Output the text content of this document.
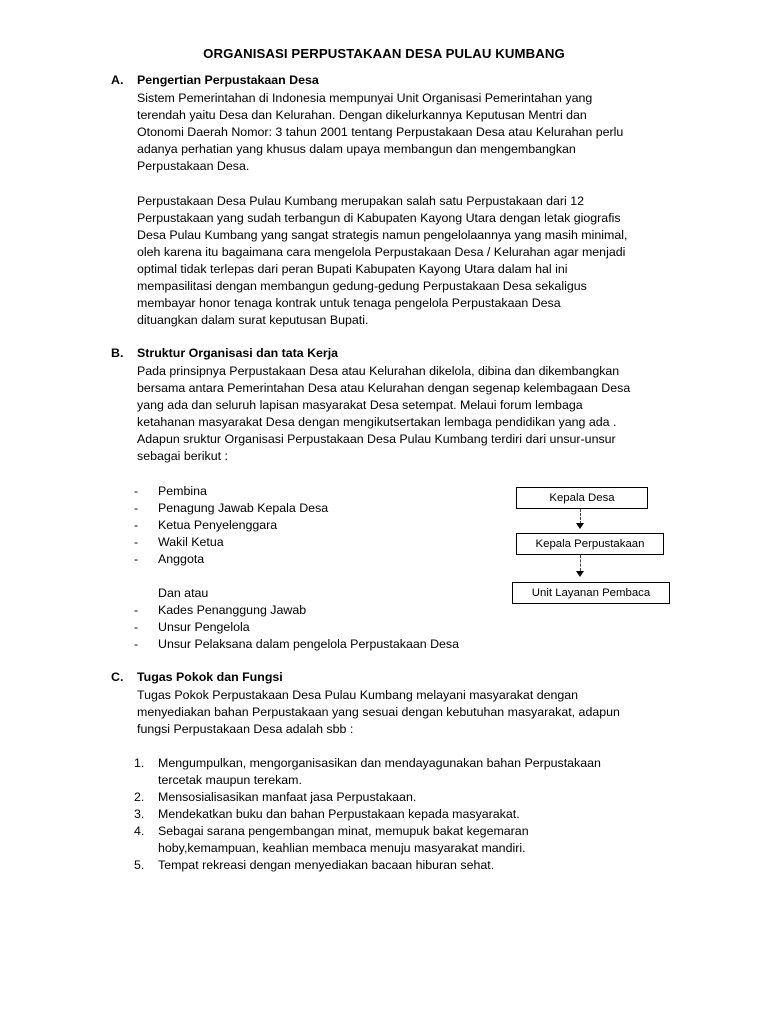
ORGANISASI PERPUSTAKAAN DESA PULAU KUMBANG
A. Pengertian Perpustakaan Desa
Sistem Pemerintahan di Indonesia mempunyai Unit Organisasi Pemerintahan yang
terendah yaitu Desa dan Kelurahan. Dengan dikelurkannya Keputusan Mentri dan
Otonomi Daerah Nomor: 3 tahun 2001 tentang Perpustakaan Desa atau Kelurahan perlu
adanya perhatian yang khusus dalam upaya membangun dan mengembangkan
Perpustakaan Desa.
Perpustakaan Desa Pulau Kumbang merupakan salah satu Perpustakaan dari 12
Perpustakaan yang sudah terbangun di Kabupaten Kayong Utara dengan letak giografis
Desa Pulau Kumbang yang sangat strategis namun pengelolaannya yang masih minimal,
oleh karena itu bagaimana cara mengelola Perpustakaan Desa / Kelurahan agar menjadi
optimal tidak terlepas dari peran Bupati Kabupaten Kayong Utara dalam hal ini
mempasilitasi dengan membangun gedung-gedung Perpustakaan Desa sekaligus
membayar honor tenaga kontrak untuk tenaga pengelola Perpustakaan Desa
dituangkan dalam surat keputusan Bupati.
B. Struktur Organisasi dan tata Kerja
Pada prinsipnya Perpustakaan Desa atau Kelurahan dikelola, dibina dan dikembangkan
bersama antara Pemerintahan Desa atau Kelurahan dengan segenap kelembagaan Desa
yang ada dan seluruh lapisan masyarakat Desa setempat. Melaui forum lembaga
ketahanan masyarakat Desa dengan mengikutsertakan lembaga pendidikan yang ada .
Adapun sruktur Organisasi Perpustakaan Desa Pulau Kumbang terdiri dari unsur-unsur
sebagai berikut :
- Pembina
- Penagung Jawab Kepala Desa
- Ketua Penyelenggara
- Wakil Ketua
- Anggota
Dan atau
- Kades Penanggung Jawab
- Unsur Pengelola
- Unsur Pelaksana dalam pengelola Perpustakaan Desa
Kepala Desa
Kepala Perpustakaan
Unit Layanan Pembaca
C. Tugas Pokok dan Fungsi
Tugas Pokok Perpustakaan Desa Pulau Kumbang melayani masyarakat dengan
menyediakan bahan Perpustakaan yang sesuai dengan kebutuhan masyarakat, adapun
fungsi Perpustakaan Desa adalah sbb :
1. Mengumpulkan, mengorganisasikan dan mendayagunakan bahan Perpustakaan
tercetak maupun terekam.
2. Mensosialisasikan manfaat jasa Perpustakaan.
3. Mendekatkan buku dan bahan Perpustakaan kepada masyarakat.
4. Sebagai sarana pengembangan minat, memupuk bakat kegemaran
hoby,kemampuan, keahlian membaca menuju masyarakat mandiri.
5. Tempat rekreasi dengan menyediakan bacaan hiburan sehat.
